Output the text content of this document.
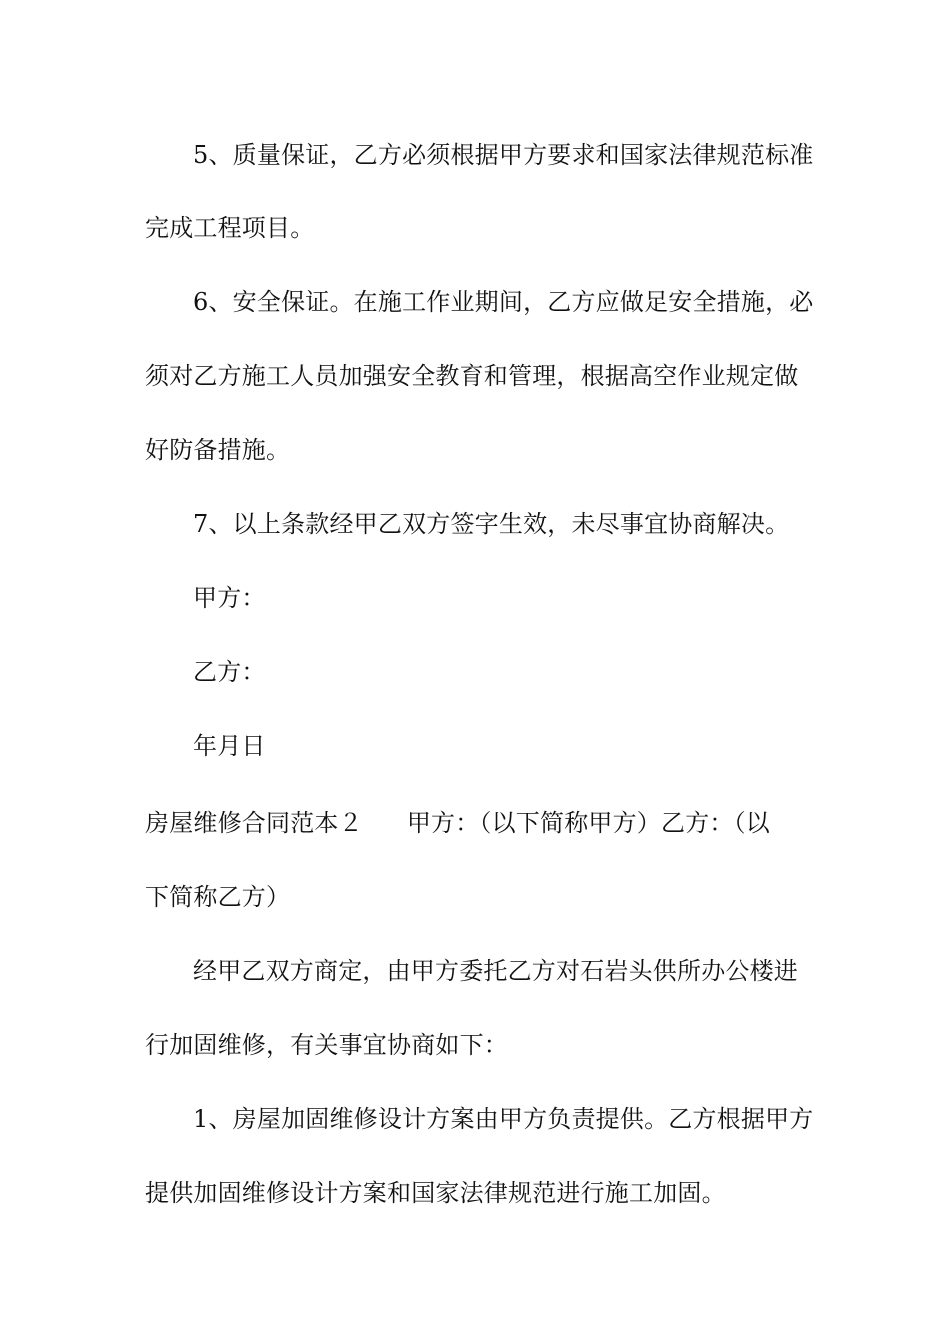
5、质量保证，乙方必须根据甲方要求和国家法律规范标准
完成工程项目。
6、安全保证。在施工作业期间，乙方应做足安全措施，必
须对乙方施工人员加强安全教育和管理，根据高空作业规定做
好防备措施。
7、以上条款经甲乙双方签字生效，未尽事宜协商解决。
甲方：
乙方：
年月日
房屋维修合同范本２ 甲方：（以下简称甲方）乙方：（以
下简称乙方）
经甲乙双方商定，由甲方委托乙方对石岩头供所办公楼进
行加固维修，有关事宜协商如下：
1、房屋加固维修设计方案由甲方负责提供。乙方根据甲方
提供加固维修设计方案和国家法律规范进行施工加固。
